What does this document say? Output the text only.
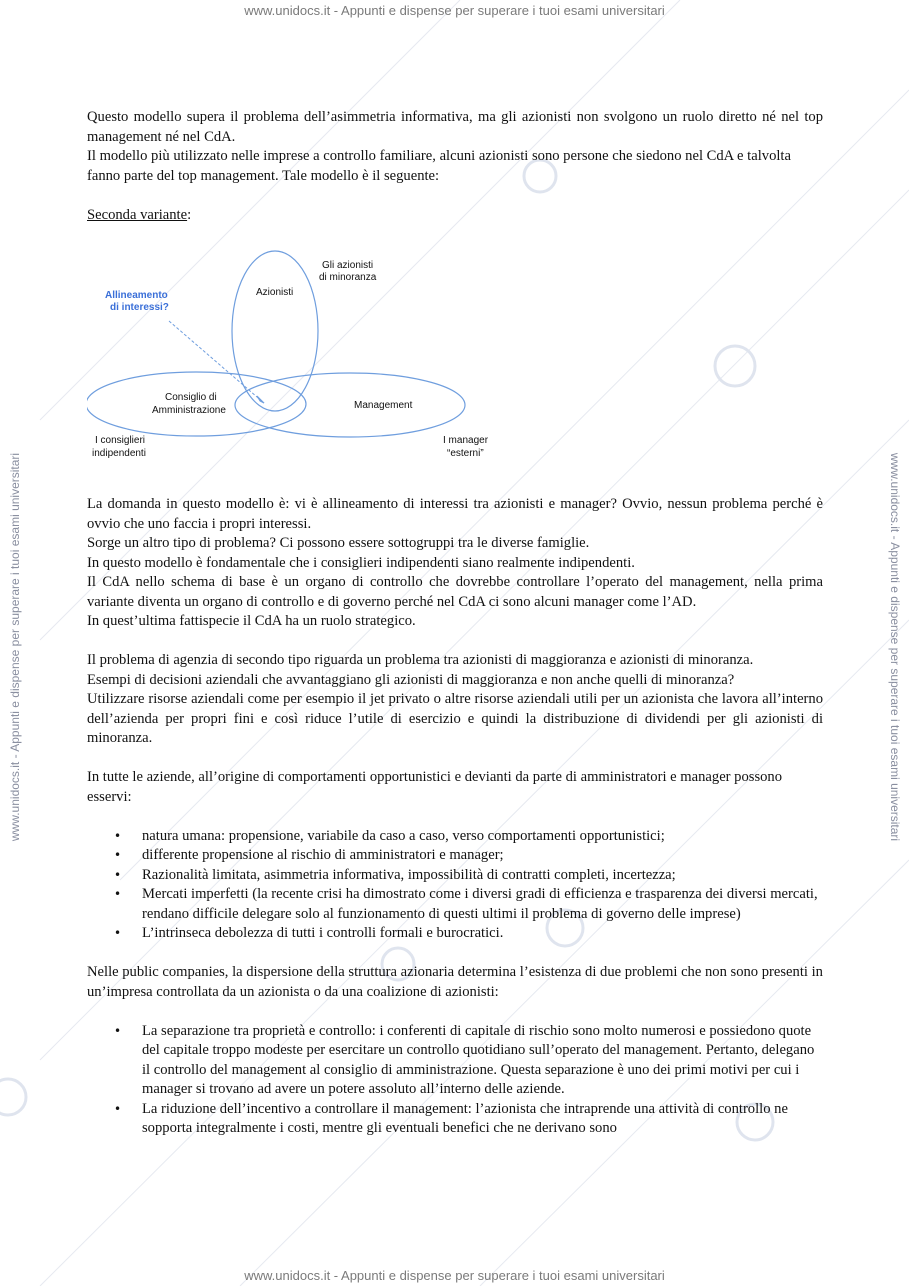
www.unidocs.it - Appunti e dispense per superare i tuoi esami universitari
www.unidocs.it - Appunti e dispense per superare i tuoi esami universitari
www.unidocs.it - Appunti e dispense per superare i tuoi esami universitari	www.unidocs.it - Appunti e dispense per superare i tuoi esami universitari

Questo modello supera il problema dell’asimmetria informativa, ma gli azionisti non svolgono un ruolo diretto né nel top management né nel CdA.

Il modello più utilizzato nelle imprese a controllo familiare, alcuni azionisti sono persone che siedono nel CdA e talvolta fanno parte del top management. Tale modello è il seguente:

Seconda variante:

La domanda in questo modello è: vi è allineamento di interessi tra azionisti e manager? Ovvio, nessun problema perché è ovvio che uno faccia i propri interessi.

Sorge un altro tipo di problema? Ci possono essere sottogruppi tra le diverse famiglie.

In questo modello è fondamentale che i consiglieri indipendenti siano realmente indipendenti.

Il CdA nello schema di base è un organo di controllo che dovrebbe controllare l’operato del management, nella prima variante diventa un organo di controllo e di governo perché nel CdA ci sono alcuni manager come l’AD.

In quest’ultima fattispecie il CdA ha un ruolo strategico.

Il problema di agenzia di secondo tipo riguarda un problema tra azionisti di maggioranza e azionisti di minoranza.

Esempi di decisioni aziendali che avvantaggiano gli azionisti di maggioranza e non anche quelli di minoranza?

Utilizzare risorse aziendali come per esempio il jet privato o altre risorse aziendali utili per un azionista che lavora all’interno dell’azienda per propri fini e così riduce l’utile di esercizio e quindi la distribuzione di dividendi per gli azionisti di minoranza.

In tutte le aziende, all’origine di comportamenti opportunistici e devianti da parte di amministratori e manager possono esservi:

• natura umana: propensione, variabile da caso a caso, verso comportamenti opportunistici;
• differente propensione al rischio di amministratori e manager;
• Razionalità limitata, asimmetria informativa, impossibilità di contratti completi, incertezza;
• Mercati imperfetti (la recente crisi ha dimostrato come i diversi gradi di efficienza e trasparenza dei diversi mercati, rendano difficile delegare solo al funzionamento di questi ultimi il problema di governo delle imprese)
• L’intrinseca debolezza di tutti i controlli formali e burocratici.

Nelle public companies, la dispersione della struttura azionaria determina l’esistenza di due problemi che non sono presenti in un’impresa controllata da un azionista o da una coalizione di azionisti:

• La separazione tra proprietà e controllo: i conferenti di capitale di rischio sono molto numerosi e possiedono quote del capitale troppo modeste per esercitare un controllo quotidiano sull’operato del management. Pertanto, delegano il controllo del management al consiglio di amministrazione. Questa separazione è uno dei primi motivi per cui i manager si trovano ad avere un potere assoluto all’interno delle aziende.
• La riduzione dell’incentivo a controllare il management: l’azionista che intraprende una attività di controllo ne sopporta integralmente i costi, mentre gli eventuali benefici che ne derivano sono
Allineamento
di interessi?
Azionisti
Gli azionisti
di minoranza
Consiglio di
Amministrazione	Management
I consiglieri
indipendenti
I manager
“esterni”
